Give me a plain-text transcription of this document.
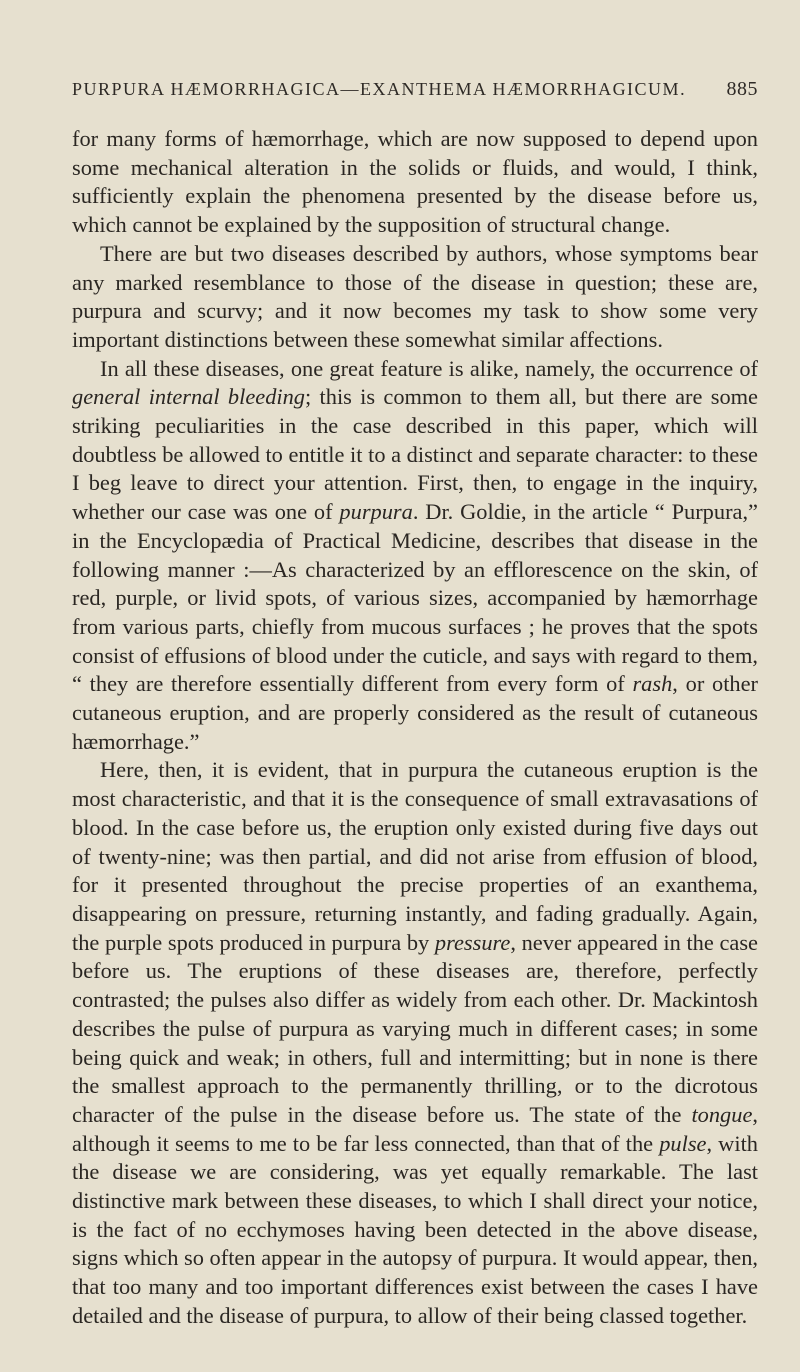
PURPURA HÆMORRHAGICA—EXANTHEMA HÆMORRHAGICUM. 885

for many forms of hæmorrhage, which are now supposed to depend upon some mechanical alteration in the solids or fluids, and would, I think, sufficiently explain the phenomena presented by the disease before us, which cannot be explained by the supposition of structural change.

There are but two diseases described by authors, whose symptoms bear any marked resemblance to those of the disease in question; these are, purpura and scurvy; and it now becomes my task to show some very important distinctions between these somewhat similar affections.

In all these diseases, one great feature is alike, namely, the occurrence of general internal bleeding; this is common to them all, but there are some striking peculiarities in the case described in this paper, which will doubtless be allowed to entitle it to a distinct and separate character: to these I beg leave to direct your attention. First, then, to engage in the inquiry, whether our case was one of purpura. Dr. Goldie, in the article “ Purpura,” in the Encyclopædia of Practical Medicine, describes that disease in the following manner :—As characterized by an efflorescence on the skin, of red, purple, or livid spots, of various sizes, accompanied by hæmorrhage from various parts, chiefly from mucous surfaces ; he proves that the spots consist of effusions of blood under the cuticle, and says with regard to them, “ they are therefore essentially different from every form of rash, or other cutaneous eruption, and are properly considered as the result of cutaneous hæmorrhage.”

Here, then, it is evident, that in purpura the cutaneous eruption is the most characteristic, and that it is the consequence of small extravasations of blood. In the case before us, the eruption only existed during five days out of twenty-nine; was then partial, and did not arise from effusion of blood, for it presented throughout the precise properties of an exanthema, disappearing on pressure, returning instantly, and fading gradually. Again, the purple spots produced in purpura by pressure, never appeared in the case before us. The eruptions of these diseases are, therefore, perfectly contrasted; the pulses also differ as widely from each other. Dr. Mackintosh describes the pulse of purpura as varying much in different cases; in some being quick and weak; in others, full and intermitting; but in none is there the smallest approach to the permanently thrilling, or to the dicrotous character of the pulse in the disease before us. The state of the tongue, although it seems to me to be far less connected, than that of the pulse, with the disease we are considering, was yet equally remarkable. The last distinctive mark between these diseases, to which I shall direct your notice, is the fact of no ecchymoses having been detected in the above disease, signs which so often appear in the autopsy of purpura. It would appear, then, that too many and too important differences exist between the cases I have detailed and the disease of purpura, to allow of their being classed together.
